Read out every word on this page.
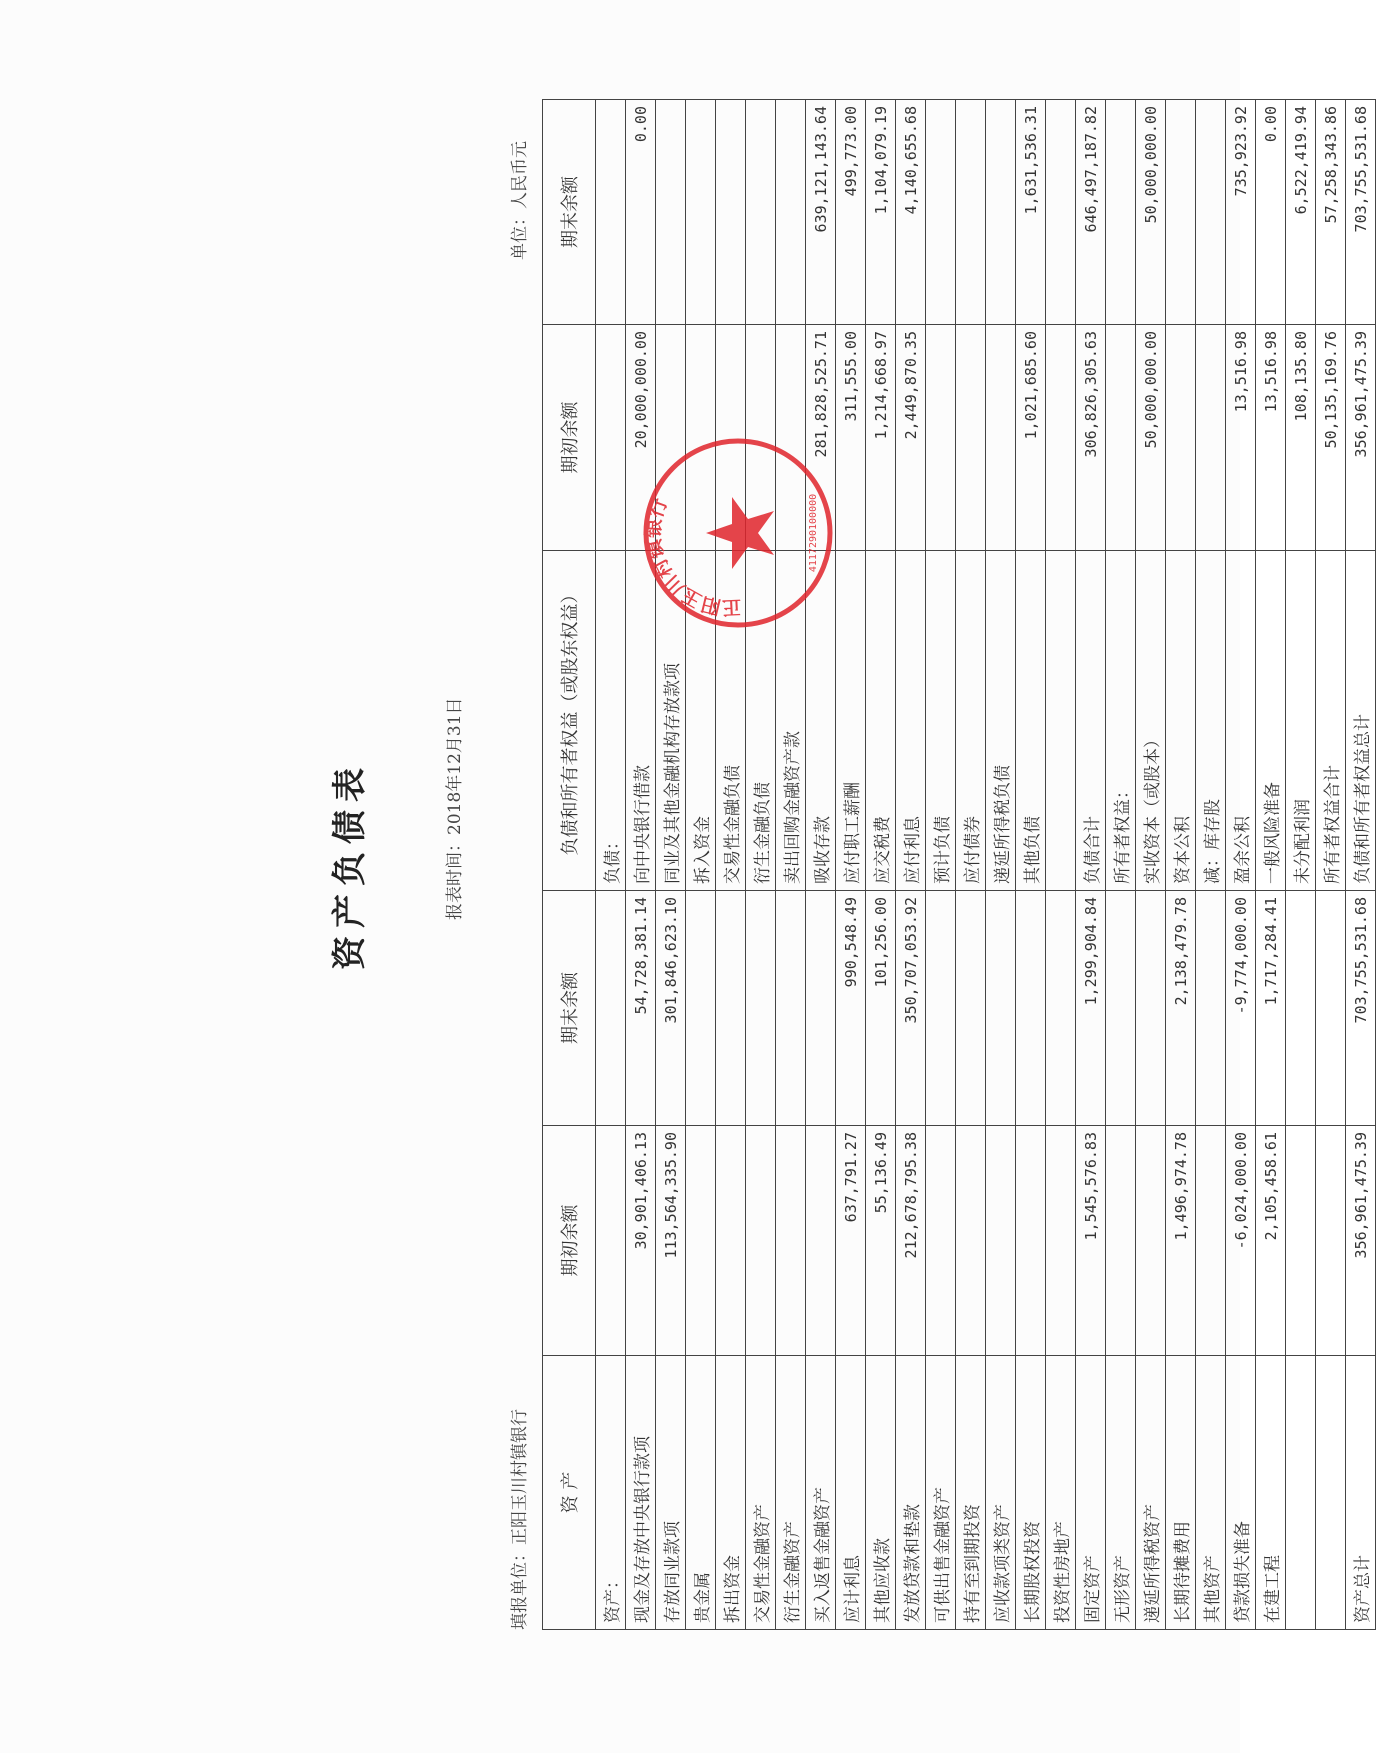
资产负债表
填报单位：正阳玉川村镇银行
报表时间：2018年12月31日
单位：人民币元
资 产	期初余额	期末余额	负债和所有者权益（或股东权益）	期初余额	期末余额
资产：			负债：		
现金及存放中央银行款项	30,901,406.13	54,728,381.14	向中央银行借款	20,000,000.00	0.00
存放同业款项	113,564,335.90	301,846,623.10	同业及其他金融机构存放款项		
贵金属			拆入资金		
拆出资金			交易性金融负债		
交易性金融资产			衍生金融负债		
衍生金融资产			卖出回购金融资产款		
买入返售金融资产			吸收存款	281,828,525.71	639,121,143.64
应计利息	637,791.27	990,548.49	应付职工薪酬	311,555.00	499,773.00
其他应收款	55,136.49	101,256.00	应交税费	1,214,668.97	1,104,079.19
发放贷款和垫款	212,678,795.38	350,707,053.92	应付利息	2,449,870.35	4,140,655.68
可供出售金融资产			预计负债		
持有至到期投资			应付债券		
应收款项类资产			递延所得税负债		
长期股权投资			其他负债	1,021,685.60	1,631,536.31
投资性房地产					
固定资产	1,545,576.83	1,299,904.84	负债合计	306,826,305.63	646,497,187.82
无形资产			所有者权益：		
递延所得税资产			实收资本（或股本）	50,000,000.00	50,000,000.00
长期待摊费用	1,496,974.78	2,138,479.78	资本公积		
其他资产			减：库存股		
贷款损失准备	-6,024,000.00	-9,774,000.00	盈余公积	13,516.98	735,923.92
在建工程	2,105,458.61	1,717,284.41	一般风险准备	13,516.98	0.00
			未分配利润	108,135.80	6,522,419.94
			所有者权益合计	50,135,169.76	57,258,343.86
资产总计	356,961,475.39	703,755,531.68	负债和所有者权益总计	356,961,475.39	703,755,531.68
正阳玉川村镇银行	4117290100000
